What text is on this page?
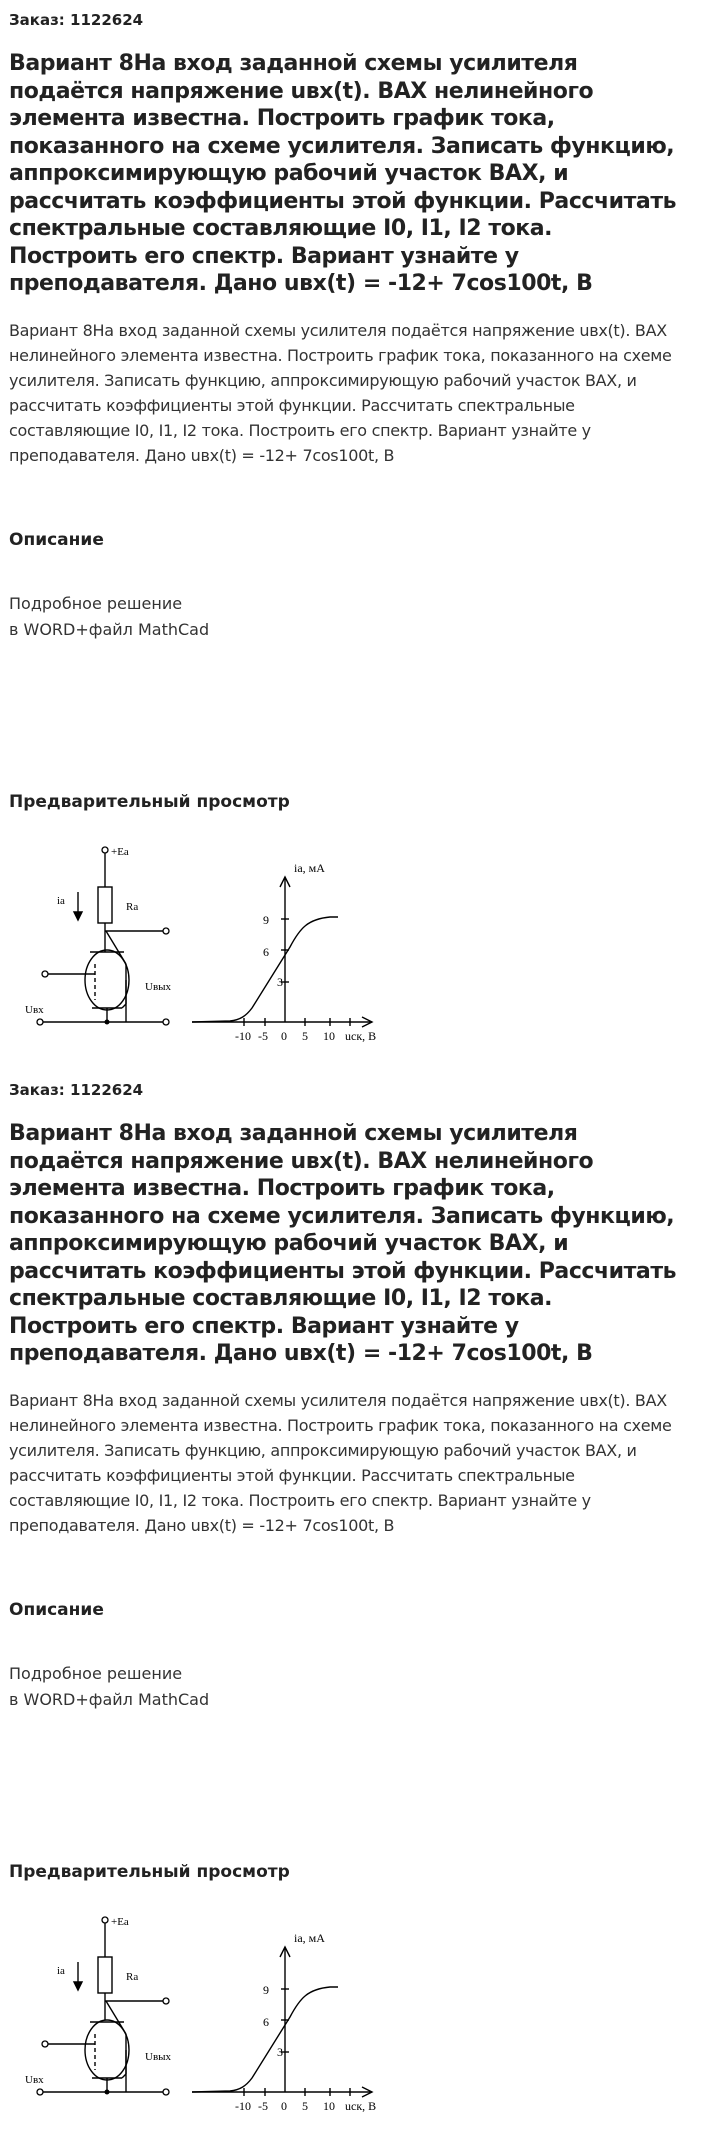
Заказ: 1122624
Вариант 8На вход заданной схемы усилителя подаётся напряжение uвх(t). ВАХ нелинейного элемента известна. Построить график тока, показанного на схеме усилителя. Записать функцию, аппроксимирующую рабочий участок ВАХ, и рассчитать коэффициенты этой функции. Рассчитать спектральные составляющие I0, I1, I2 тока. Построить его спектр. Вариант узнайте у преподавателя. Дано uвх(t) = -12+ 7cos100t, В
Вариант 8На вход заданной схемы усилителя подаётся напряжение uвх(t). ВАХ нелинейного элемента известна. Построить график тока, показанного на схеме усилителя. Записать функцию, аппроксимирующую рабочий участок ВАХ, и рассчитать коэффициенты этой функции. Рассчитать спектральные составляющие I0, I1, I2 тока. Построить его спектр. Вариант узнайте у преподавателя. Дано uвх(t) = -12+ 7cos100t, В
Описание
Подробное решение
в WORD+файл MathCad
Предварительный просмотр
+Ea
ia	Ra
Uвых
Uвх
iа, мА
9
6
3
-10 -5 0 5 10 uск, В
Заказ: 1122624
Вариант 8На вход заданной схемы усилителя подаётся напряжение uвх(t). ВАХ нелинейного элемента известна. Построить график тока, показанного на схеме усилителя. Записать функцию, аппроксимирующую рабочий участок ВАХ, и рассчитать коэффициенты этой функции. Рассчитать спектральные составляющие I0, I1, I2 тока. Построить его спектр. Вариант узнайте у преподавателя. Дано uвх(t) = -12+ 7cos100t, В
Вариант 8На вход заданной схемы усилителя подаётся напряжение uвх(t). ВАХ нелинейного элемента известна. Построить график тока, показанного на схеме усилителя. Записать функцию, аппроксимирующую рабочий участок ВАХ, и рассчитать коэффициенты этой функции. Рассчитать спектральные составляющие I0, I1, I2 тока. Построить его спектр. Вариант узнайте у преподавателя. Дано uвх(t) = -12+ 7cos100t, В
Описание
Подробное решение
в WORD+файл MathCad
Предварительный просмотр
+Ea
ia	Ra
Uвых
Uвх
iа, мА
9
6
3
-10 -5 0 5 10 uск, В
